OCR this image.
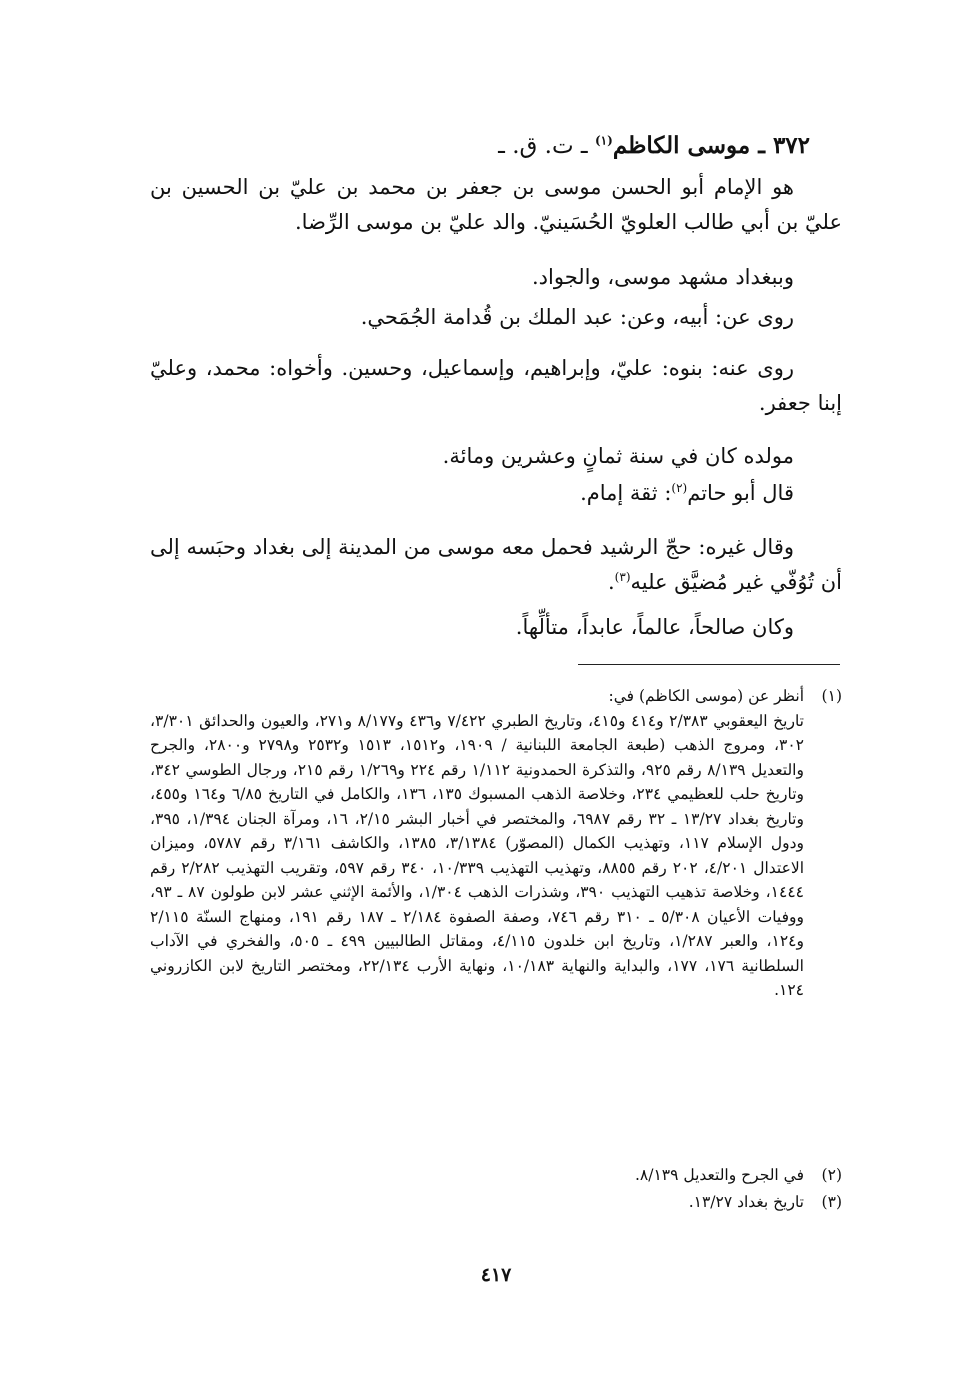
٣٧٢ ـ موسى الكاظم$^{(١)}$ ـ ت. ق. ـ
هو الإمام أبو الحسن موسى بن جعفر بن محمد بن عليّ بن الحسين بن عليّ بن أبي طالب العلويّ الحُسَينيّ. والد عليّ بن موسى الرِّضا.
وببغداد مشهد موسى، والجواد.
روى عن: أبيه، وعن: عبد الملك بن قُدامة الجُمَحي.
روى عنه: بنوه: عليّ، وإبراهيم، وإسماعيل، وحسين. وأخواه: محمد، وعليّ إبنا جعفر.
مولده كان في سنة ثمانٍ وعشرين ومائة.
قال أبو حاتم$^{(٢)}$: ثقة إمام.
وقال غيره: حجّ الرشيد فحمل معه موسى من المدينة إلى بغداد وحبَسه إلى أن تُوُفّي غير مُضيَّق عليه$^{(٣)}$.
وكان صالحاً، عالماً، عابداً، متألِّهاً.
(١)
أنظر عن (موسى الكاظم) في:
تاريخ اليعقوبي ٢/٣٨٣ و٤١٤ و٤١٥، وتاريخ الطبري ٧/٤٢٢ و٤٣٦ و٨/١٧٧ و٢٧١، والعيون والحدائق ٣/٣٠١، ٣٠٢، ومروج الذهب (طبعة الجامعة اللبنانية / ١٩٠٩، و١٥١٢، ١٥١٣ و٢٥٣٢ و٢٧٩٨ و٢٨٠٠، والجرح والتعديل ٨/١٣٩ رقم ٩٢٥، والتذكرة الحمدونية ١/١١٢ رقم ٢٢٤ و١/٢٦٩ رقم ٢١٥، ورجال الطوسي ٣٤٢، وتاريخ حلب للعظيمي ٢٣٤، وخلاصة الذهب المسبوك ١٣٥، ١٣٦، والكامل في التاريخ ٦/٨٥ و١٦٤ و٤٥٥، وتاريخ بغداد ١٣/٢٧ ـ ٣٢ رقم ٦٩٨٧، والمختصر في أخبار البشر ٢/١٥، ١٦، ومرآة الجنان ١/٣٩٤، ٣٩٥، ودول الإسلام ١١٧، وتهذيب الكمال (المصوّر) ٣/١٣٨٤، ١٣٨٥، والكاشف ٣/١٦١ رقم ٥٧٨٧، وميزان الاعتدال ٤/٢٠١، ٢٠٢ رقم ٨٨٥٥، وتهذيب التهذيب ١٠/٣٣٩، ٣٤٠ رقم ٥٩٧، وتقريب التهذيب ٢/٢٨٢ رقم ١٤٤٤، وخلاصة تذهيب التهذيب ٣٩٠، وشذرات الذهب ١/٣٠٤، والأئمة الإثني عشر لابن طولون ٨٧ ـ ٩٣، ووفيات الأعيان ٥/٣٠٨ ـ ٣١٠ رقم ٧٤٦، وصفة الصفوة ٢/١٨٤ ـ ١٨٧ رقم ١٩١، ومنهاج السنّة ٢/١١٥ و١٢٤، والعبر ١/٢٨٧، وتاريخ ابن خلدون ٤/١١٥، ومقاتل الطالبيين ٤٩٩ ـ ٥٠٥، والفخري في الآداب السلطانية ١٧٦، ١٧٧، والبداية والنهاية ١٠/١٨٣، ونهاية الأرب ٢٢/١٣٤، ومختصر التاريخ لابن الكازروني ١٢٤.
(٢)
في الجرح والتعديل ٨/١٣٩.
(٣)
تاريخ بغداد ١٣/٢٧.
٤١٧
